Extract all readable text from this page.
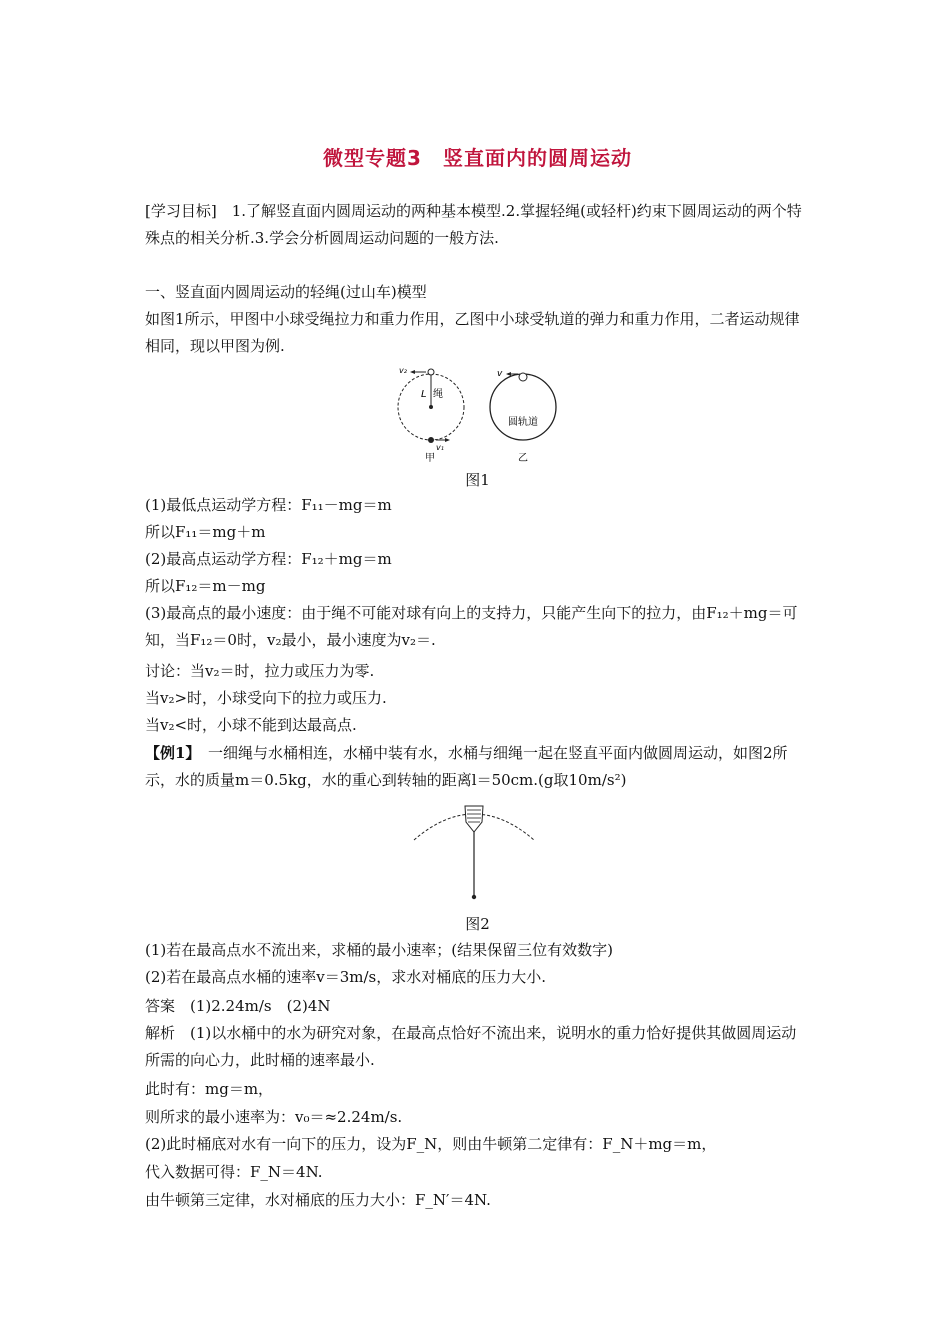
微型专题3　竖直面内的圆周运动
[学习目标]　1.了解竖直面内圆周运动的两种基本模型.2.掌握轻绳(或轻杆)约束下圆周运动的两个特殊点的相关分析.3.学会分析圆周运动问题的一般方法.
一、竖直面内圆周运动的轻绳(过山车)模型
如图1所示，甲图中小球受绳拉力和重力作用，乙图中小球受轨道的弹力和重力作用，二者运动规律相同，现以甲图为例.
v₂
L 绳
v₁
甲
v
圆轨道
乙
图1
(1)最低点运动学方程：F₁₁－mg＝m
所以F₁₁＝mg＋m
(2)最高点运动学方程：F₁₂＋mg＝m
所以F₁₂＝m－mg
(3)最高点的最小速度：由于绳不可能对球有向上的支持力，只能产生向下的拉力，由F₁₂＋mg＝可知，当F₁₂＝0时，v₂最小，最小速度为v₂＝.
讨论：当v₂＝时，拉力或压力为零.
当v₂>时，小球受向下的拉力或压力.
当v₂<时，小球不能到达最高点.
【例1】　一细绳与水桶相连，水桶中装有水，水桶与细绳一起在竖直平面内做圆周运动，如图2所示，水的质量m＝0.5kg，水的重心到转轴的距离l＝50cm.(g取10m/s²)
图2
(1)若在最高点水不流出来，求桶的最小速率；(结果保留三位有效数字)
(2)若在最高点水桶的速率v＝3m/s，求水对桶底的压力大小.
答案　(1)2.24m/s　(2)4N
解析　(1)以水桶中的水为研究对象，在最高点恰好不流出来，说明水的重力恰好提供其做圆周运动所需的向心力，此时桶的速率最小.
此时有：mg＝m，
则所求的最小速率为：v₀＝≈2.24m/s.
(2)此时桶底对水有一向下的压力，设为F_N，则由牛顿第二定律有：F_N＋mg＝m，
代入数据可得：F_N＝4N.
由牛顿第三定律，水对桶底的压力大小：F_N′＝4N.
